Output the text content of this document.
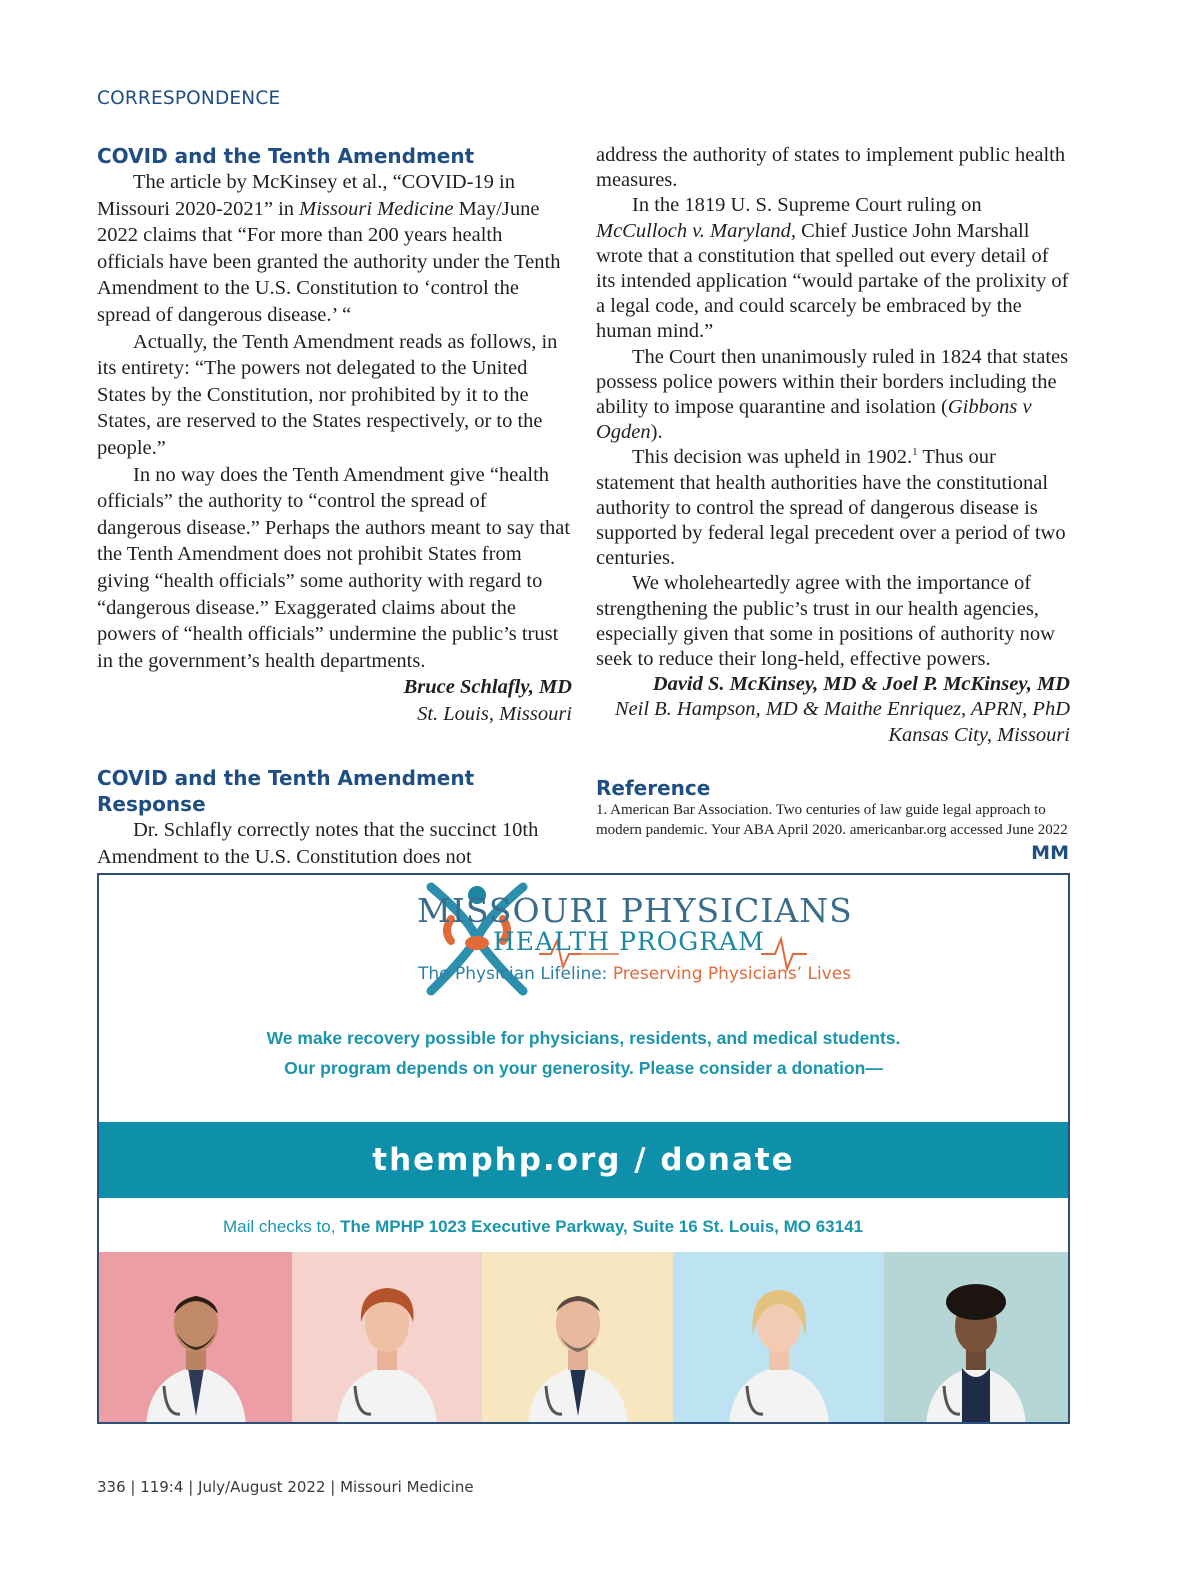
CORRESPONDENCE
COVID and the Tenth Amendment

The article by McKinsey et al., “COVID-19 in Missouri 2020-2021” in Missouri Medicine May/June 2022 claims that “For more than 200 years health officials have been granted the authority under the Tenth Amendment to the U.S. Constitution to ‘control the spread of dangerous disease.’ “

Actually, the Tenth Amendment reads as follows, in its entirety: “The powers not delegated to the United States by the Constitution, nor prohibited by it to the States, are reserved to the States respectively, or to the people.”

In no way does the Tenth Amendment give “health officials” the authority to “control the spread of dangerous disease.” Perhaps the authors meant to say that the Tenth Amendment does not prohibit States from giving “health officials” some authority with regard to “dangerous disease.” Exaggerated claims about the powers of “health officials” undermine the public’s trust in the government’s health departments.

Bruce Schlafly, MD
St. Louis, Missouri
COVID and the Tenth Amendment Response

Dr. Schlafly correctly notes that the succinct 10th Amendment to the U.S. Constitution does not

address the authority of states to implement public health measures.

In the 1819 U. S. Supreme Court ruling on McCulloch v. Maryland, Chief Justice John Marshall wrote that a constitution that spelled out every detail of its intended application “would partake of the prolixity of a legal code, and could scarcely be embraced by the human mind.”

The Court then unanimously ruled in 1824 that states possess police powers within their borders including the ability to impose quarantine and isolation (Gibbons v Ogden).

This decision was upheld in 1902.$^1$ Thus our statement that health authorities have the constitutional authority to control the spread of dangerous disease is supported by federal legal precedent over a period of two centuries.

We wholeheartedly agree with the importance of strengthening the public’s trust in our health agencies, especially given that some in positions of authority now seek to reduce their long-held, effective powers.

David S. McKinsey, MD & Joel P. McKinsey, MD
Neil B. Hampson, MD & Maithe Enriquez, APRN, PhD
Kansas City, Missouri
Reference

1. American Bar Association. Two centuries of law guide legal approach to modern pandemic. Your ABA April 2020. americanbar.org accessed June 2022

MM
MISSOURI PHYSICIANS
HEALTH PROGRAM
The Physician Lifeline: Preserving Physicians’ Lives
We make recovery possible for physicians, residents, and medical students.
Our program depends on your generosity. Please consider a donation—
themphp.org / donate
Mail checks to, The MPHP 1023 Executive Parkway, Suite 16 St. Louis, MO 63141
336 | 119:4 | July/August 2022 | Missouri Medicine
